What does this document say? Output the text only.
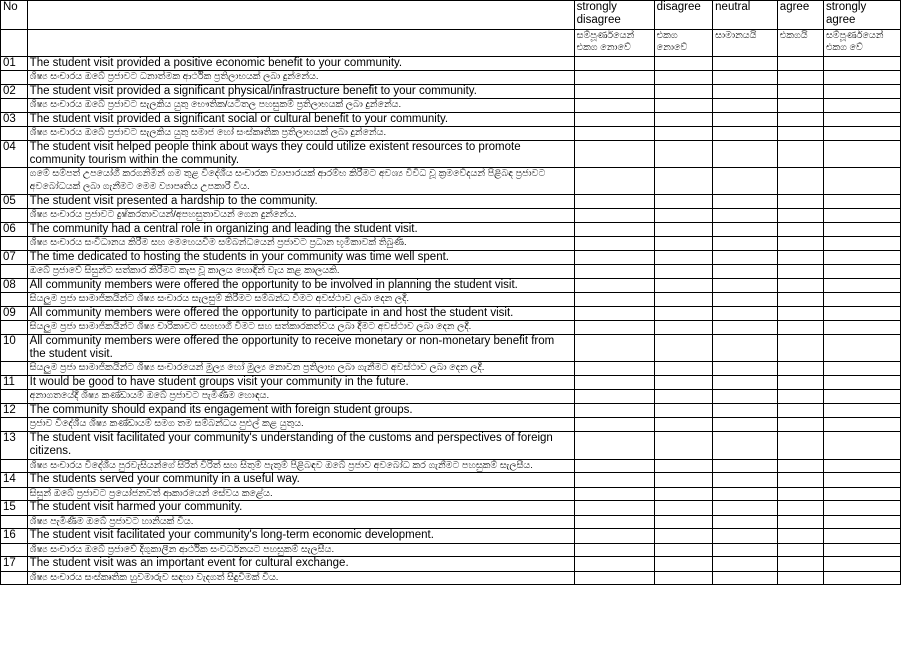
No		strongly disagree	disagree	neutral	agree	strongly agree
		සම්පූර්ණයෙන් එකග නොවේ	එකග නොවේ	සාමානයයි	එකගයි	සම්පූර්ණයෙන් එකග වේ
01	The student visit provided a positive economic benefit to your community.					
	ශිෂ්‍ය සංචාරය ඔබේ ප්‍රජාවට ධනාත්මක ආර්ථික ප්‍රතිලාභයක් ලබා දුන්නේය.					
02	The student visit provided a significant physical/infrastructure benefit to your community.					
	ශිෂ්‍ය සංචාරය ඔබේ ප්‍රජාවට සැලකිය යුතු භෞතික/යටිතල පහසුකම් ප්‍රතිලාභයක් ලබා දුන්නේය.					
03	The student visit provided a significant social or cultural benefit to your community.					
	ශිෂ්‍ය සංචාරය ඔබේ ප්‍රජාවට සැලකිය යුතු සමාජ හෝ සංස්කෘතික ප්‍රතිලාභයක් ලබා දුන්නේය.					
04	The student visit helped people think about ways they could utilize existent resources to promote community tourism within the community.					
	ගමේ සම්පත් උපයෝගී කරගනිමින් ගම තුළ විදේශීය සංචාරක ව්‍යාපාරයක් ආරම්භ කිරීමට අවශ්‍ය විවිධ වූ ක්‍රමවේදයන් පිළිබඳ ප්‍රජාවට අවබෝධයක් ලබා ගැනීමට මෙම ව්‍යාපෘතිය උපකාරී විය.					
05	The student visit presented a hardship to the community.					
	ශිෂ්‍ය සංචාරය ප්‍රජාවට දුෂ්කරතාවයන්/අපහසුතාවයන් ගෙන දුන්නේය.					
06	The community had a central role in organizing and leading the student visit.					
	ශිෂ්‍ය සංචාරය සංවිධානය කිරීම සහ මෙහෙයවීම සම්බන්ධයෙන් ප්‍රජාවට ප්‍රධාන භූමිකාවක් තිබුණි.					
07	The time dedicated to hosting the students in your community was time well spent.					
	ඔබේ ප්‍රජාවේ සිසුන්ට සත්කාර කිරීමට කැප වූ කාලය හොඳින් වැය කළ කාලයකි.					
08	All community members were offered the opportunity to be involved in planning the student visit.					
	සියලුම ප්‍රජා සාමාජිකයින්ට ශිෂ්‍ය සංචාරය සැලසුම් කිරීමට සම්බන්ධ වීමට අවස්ථාව ලබා දෙන ලදී.					
09	All community members were offered the opportunity to participate in and host the student visit.					
	සියලුම ප්‍රජා සාමාජිකයින්ට ශිෂ්‍ය චාරිකාවට සහභාගී වීමට සහ සත්කාරකත්වය ලබා දීමට අවස්ථාව ලබා දෙන ලදී.					
10	All community members were offered the opportunity to receive monetary or non-monetary benefit from the student visit.					
	සියලුම ප්‍රජා සාමාජිකයින්ට ශිෂ්‍ය සංචාරයෙන් මුල්‍ය හෝ මුල්‍ය නොවන ප්‍රතිලාභ ලබා ගැනීමට අවස්ථාව ලබා දෙන ලදී.					
11	It would be good to have student groups visit your community in the future.					
	අනාගතයේදී ශිෂ්‍ය කණ්ඩායම් ඔබේ ප්‍රජාවට පැමිණීම හොඳය.					
12	The community should expand its engagement with foreign student groups.					
	ප්‍රජාව විදේශීය ශිෂ්‍ය කණ්ඩායම් සමග තම සම්බන්ධය පුළුල් කළ යුතුය.					
13	The student visit facilitated your community's understanding of the customs and perspectives of foreign citizens.					
	ශිෂ්‍ය සංචාරය විදේශීය පුරවැසියන්ගේ සිරිත් විරිත් සහ සිතුම් පැතුම් පිළිබඳව ඔබේ ප්‍රජාව අවබෝධ කර ගැනීමට පහසුකම් සැලසීය.					
14	The students served your community in a useful way.					
	සිසුන් ඔබේ ප්‍රජාවට ප්‍රයෝජනවත් ආකාරයෙන් සේවය කළේය.					
15	The student visit harmed your community.					
	ශිෂ්‍ය පැමිණීම ඔබේ ප්‍රජාවට හානියක් විය.					
16	The student visit facilitated your community's long-term economic development.					
	ශිෂ්‍ය සංචාරය ඔබේ ප්‍රජාවේ දිගුකාලීන ආර්ථික සංවර්ධනයට පහසුකම් සැලසීය.					
17	The student visit was an important event for cultural exchange.					
	ශිෂ්‍ය සංචාරය සංස්කෘතික හුවමාරුව සඳහා වැදගත් සිදුවීමක් විය.					
